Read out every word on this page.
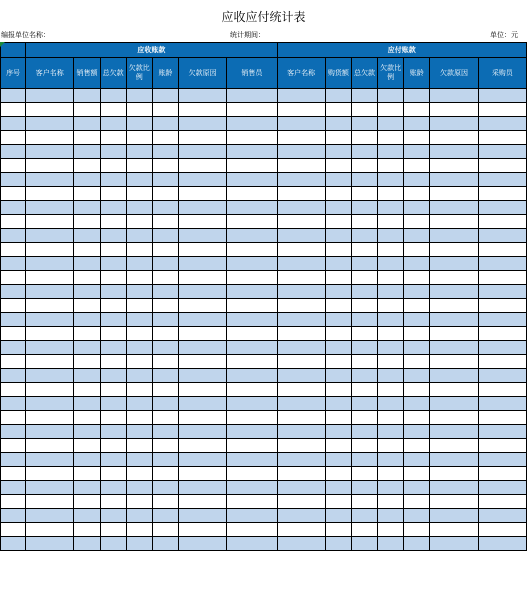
应收应付统计表
编报单位名称：	统计期间：	单位：元
	应收账款							应付账款						
序号	客户名称	销售额	总欠款	欠款比例	账龄	欠款原因	销售员	客户名称	购货额	总欠款	欠款比例	账龄	欠款原因	采购员
